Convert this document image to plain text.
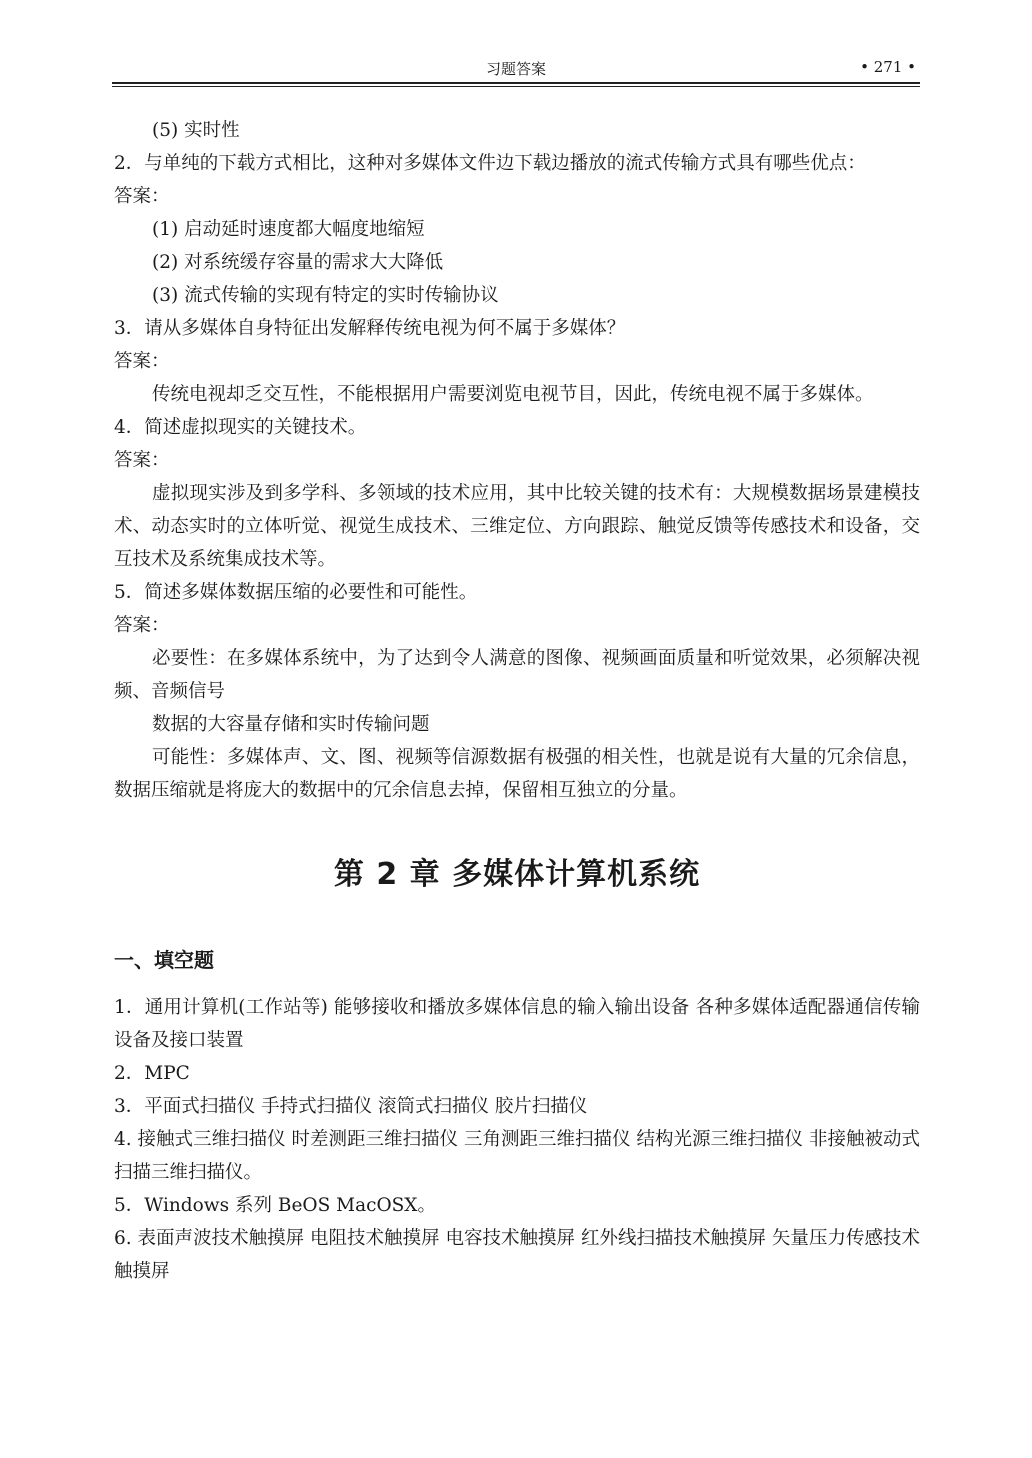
习题答案	• 271 •

(5) 实时性

2．与单纯的下载方式相比，这种对多媒体文件边下载边播放的流式传输方式具有哪些优点：

答案：

(1) 启动延时速度都大幅度地缩短

(2) 对系统缓存容量的需求大大降低

(3) 流式传输的实现有特定的实时传输协议

3．请从多媒体自身特征出发解释传统电视为何不属于多媒体？

答案：

传统电视却乏交互性，不能根据用户需要浏览电视节目，因此，传统电视不属于多媒体。

4．简述虚拟现实的关键技术。

答案：

虚拟现实涉及到多学科、多领域的技术应用，其中比较关键的技术有：大规模数据场景建模技术、动态实时的立体听觉、视觉生成技术、三维定位、方向跟踪、触觉反馈等传感技术和设备，交互技术及系统集成技术等。

5．简述多媒体数据压缩的必要性和可能性。

答案：

必要性：在多媒体系统中，为了达到令人满意的图像、视频画面质量和听觉效果，必须解决视频、音频信号

数据的大容量存储和实时传输问题

可能性：多媒体声、文、图、视频等信源数据有极强的相关性，也就是说有大量的冗余信息，数据压缩就是将庞大的数据中的冗余信息去掉，保留相互独立的分量。

第 2 章 多媒体计算机系统
一、填空题

1．通用计算机(工作站等) 能够接收和播放多媒体信息的输入输出设备 各种多媒体适配器通信传输设备及接口装置

2．MPC

3．平面式扫描仪 手持式扫描仪 滚筒式扫描仪 胶片扫描仪

4. 接触式三维扫描仪 时差测距三维扫描仪 三角测距三维扫描仪 结构光源三维扫描仪 非接触被动式扫描三维扫描仪。

5．Windows 系列 BeOS MacOSX。

6. 表面声波技术触摸屏 电阻技术触摸屏 电容技术触摸屏 红外线扫描技术触摸屏 矢量压力传感技术触摸屏
